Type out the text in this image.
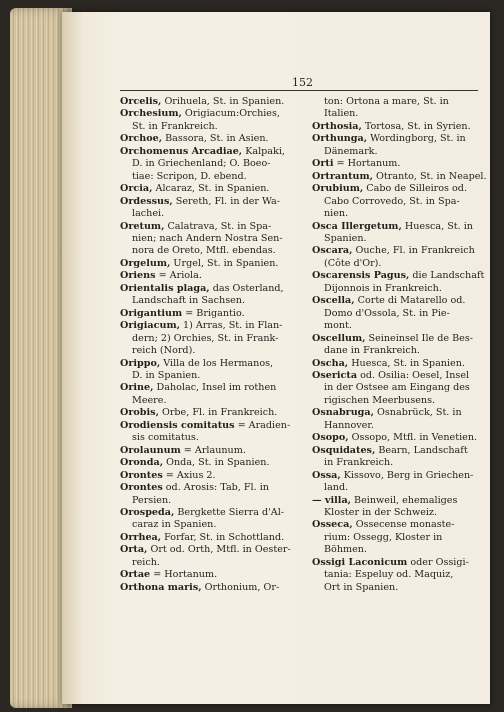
152
Orcelis, Orihuela, St. in Spanien.
Orchesium, Origiacum:Orchies,
St. in Frankreich.
Orchoe, Bassora, St. in Asien.
Orchomenus Arcadiae, Kalpaki,
D. in Griechenland; O. Boeo-
tiae: Scripon, D. ebend.
Orcia, Alcaraz, St. in Spanien.
Ordessus, Sereth, Fl. in der Wa-
lachei.
Oretum, Calatrava, St. in Spa-
nien; nach Andern Nostra Sen-
nora de Oreto, Mtfl. ebendas.
Orgelum, Urgel, St. in Spanien.
Oriens = Ariola.
Orientalis plaga, das Osterland,
Landschaft in Sachsen.
Origantium = Brigantio.
Origiacum, 1) Arras, St. in Flan-
dern; 2) Orchies, St. in Frank-
reich (Nord).
Orippo, Villa de los Hermanos,
D. in Spanien.
Orine, Daholac, Insel im rothen
Meere.
Orobis, Orbe, Fl. in Frankreich.
Orodiensis comitatus = Aradien-
sis comitatus.
Orolaunum = Arlaunum.
Oronda, Onda, St. in Spanien.
Orontes = Axius 2.
Orontes od. Arosis: Tab, Fl. in
Persien.
Orospeda, Bergkette Sierra d'Al-
caraz in Spanien.
Orrhea, Forfar, St. in Schottland.
Orta, Ort od. Orth, Mtfl. in Oester-
reich.
Ortae = Hortanum.
Orthona maris, Orthonium, Or-
ton: Ortona a mare, St. in
Italien.
Orthosia, Tortosa, St. in Syrien.
Orthunga, Wordingborg, St. in
Dänemark.
Orti = Hortanum.
Ortrantum, Otranto, St. in Neapel.
Orubium, Cabo de Silleiros od.
Cabo Corrovedo, St. in Spa-
nien.
Osca Illergetum, Huesca, St. in
Spanien.
Oscara, Ouche, Fl. in Frankreich
(Côte d'Or).
Oscarensis Pagus, die Landschaft
Dijonnois in Frankreich.
Oscella, Corte di Matarello od.
Domo d'Ossola, St. in Pie-
mont.
Oscellum, Seineinsel Ile de Bes-
dane in Frankreich.
Oscha, Huesca, St. in Spanien.
Osericta od. Osilia: Oesel, Insel
in der Ostsee am Eingang des
rigischen Meerbusens.
Osnabruga, Osnabrück, St. in
Hannover.
Osopo, Ossopo, Mtfl. in Venetien.
Osquidates, Bearn, Landschaft
in Frankreich.
Ossa, Kissovo, Berg in Griechen-
land.
— villa, Beinweil, ehemaliges
Kloster in der Schweiz.
Osseca, Ossecense monaste-
rium: Ossegg, Kloster in
Böhmen.
Ossigi Laconicum oder Ossigi-
tania: Espeluy od. Maquiz,
Ort in Spanien.
